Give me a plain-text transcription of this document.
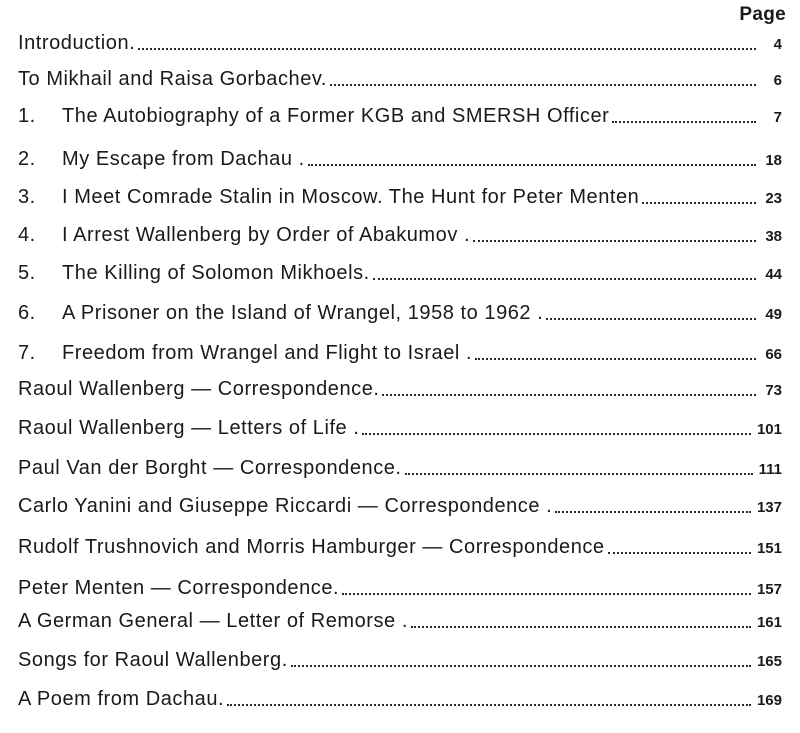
Page
Introduction.	4
To Mikhail and Raisa Gorbachev.	6
1.	The Autobiography of a Former KGB and SMERSH Officer	7
2.	My Escape from Dachau .	18
3.	I Meet Comrade Stalin in Moscow. The Hunt for Peter Menten	23
4.	I Arrest Wallenberg by Order of Abakumov .	38
5.	The Killing of Solomon Mikhoels.	44
6.	A Prisoner on the Island of Wrangel, 1958 to 1962 .	49
7.	Freedom from Wrangel and Flight to Israel .	66
Raoul Wallenberg — Correspondence.	73
Raoul Wallenberg — Letters of Life .	101
Paul Van der Borght — Correspondence.	111
Carlo Yanini and Giuseppe Riccardi — Correspondence .	137
Rudolf Trushnovich and Morris Hamburger — Correspondence	151
Peter Menten — Correspondence.	157
A German General — Letter of Remorse .	161
Songs for Raoul Wallenberg.	165
A Poem from Dachau.	169
